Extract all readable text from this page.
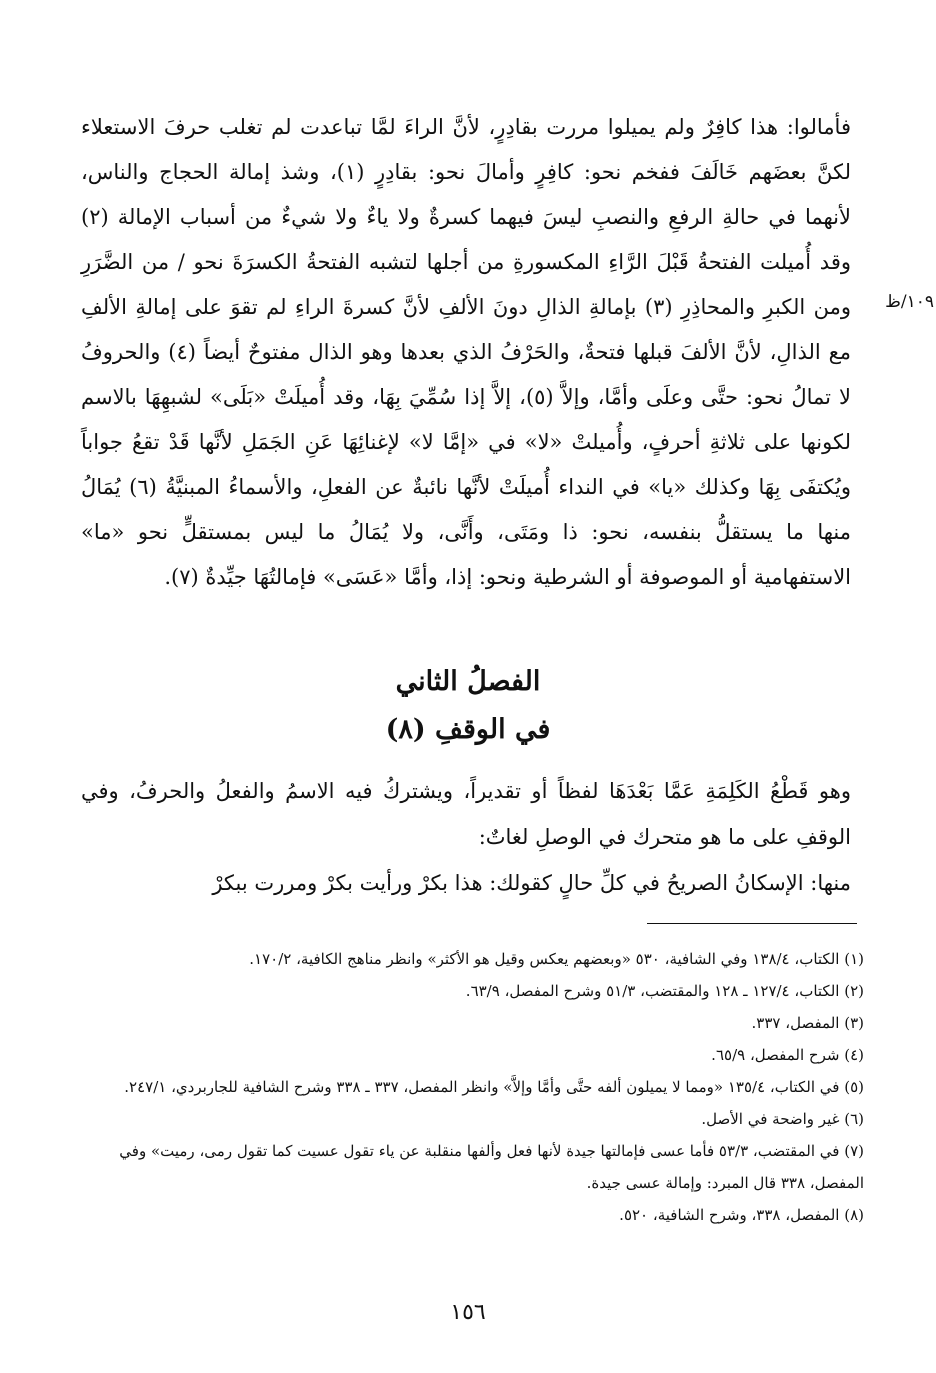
١٠٩/ظ

فأمالوا: هذا كافِرٌ ولم يميلوا مررت بقادِرٍ، لأنَّ الراءَ لمَّا تباعدت لم تغلب حرفَ الاستعلاء لكنَّ بعضَهم خَالَفَ ففخم نحو: كافِرٍ وأمالَ نحو: بقادِرٍ (١)، وشذ إمالة الحجاج والناس، لأنهما في حالةِ الرفعِ والنصبِ ليسَ فيهما كسرةٌ ولا ياءٌ ولا شيءٌ من أسباب الإمالة (٢) وقد أُميلت الفتحةُ قَبْلَ الرَّاءِ المكسورةِ من أجلها لتشبه الفتحةُ الكسرَةَ نحو / من الضَّرَرِ ومن الكبرِ والمحاذِرِ (٣) بإمالةِ الذالِ دونَ الألفِ لأنَّ كسرةَ الراءِ لم تقوَ على إمالةِ الألفِ مع الذالِ، لأنَّ الألفَ قبلها فتحةٌ، والحَرْفُ الذي بعدها وهو الذال مفتوحٌ أيضاً (٤) والحروفُ لا تمالُ نحو: حتَّى وعلَى وأمَّا، وإلاَّ (٥)، إلاَّ إذا سُمِّيَ بِهَا، وقد أُميلَتْ «بَلَى» لشبهِهَا بالاسم لكونها على ثلاثةِ أحرفٍ، وأُميلتْ «لا» في «إمَّا لا» لإغنائِهَا عَنِ الجَمَلِ لأنَّها قَدْ تقعُ جواباً ويُكتفَى بِهَا وكذلك «يا» في النداء أُميلَتْ لأنَّها نائبةٌ عن الفعلِ، والأسماءُ المبنيَّةُ (٦) يُمَالُ منها ما يستقلُّ بنفسه، نحو: ذا ومَتَى، وأَنَّى، ولا يُمَالُ ما ليس بمستقلٍّ نحو «ما» الاستفهامية أو الموصوفة أو الشرطية ونحو: إذا، وأمَّا «عَسَى» فإمالتُهَا جيِّدةٌ (٧).

الفصلُ الثاني
في الوقفِ (٨)

وهو قَطْعُ الكَلِمَةِ عَمَّا بَعْدَهَا لفظاً أو تقديراً، ويشتركُ فيه الاسمُ والفعلُ والحرفُ، وفي الوقفِ على ما هو متحرك في الوصلِ لغاتٌ:

منها: الإسكانُ الصريحُ في كلِّ حالٍ كقولك: هذا بكرْ ورأيت بكرْ ومررت ببكرْ

(١) الكتاب، ١٣٨/٤ وفي الشافية، ٥٣٠ «وبعضهم يعكس وقيل هو الأكثر» وانظر مناهج الكافية، ١٧٠/٢.

(٢) الكتاب، ١٢٧/٤ ـ ١٢٨ والمقتضب، ٥١/٣ وشرح المفصل، ٦٣/٩.

(٣) المفصل، ٣٣٧.

(٤) شرح المفصل، ٦٥/٩.

(٥) في الكتاب، ١٣٥/٤ «ومما لا يميلون ألفه حتَّى وأمَّا وإلاَّ» وانظر المفصل، ٣٣٧ ـ ٣٣٨ وشرح الشافية للجاربردي، ٢٤٧/١.

(٦) غير واضحة في الأصل.

(٧) في المقتضب، ٥٣/٣ فأما عسى فإمالتها جيدة لأنها فعل وألفها منقلبة عن ياء تقول عسيت كما تقول رمى، رميت» وفي المفصل، ٣٣٨ قال المبرد: وإمالة عسى جيدة.

(٨) المفصل، ٣٣٨، وشرح الشافية، ٥٢٠.

١٥٦
